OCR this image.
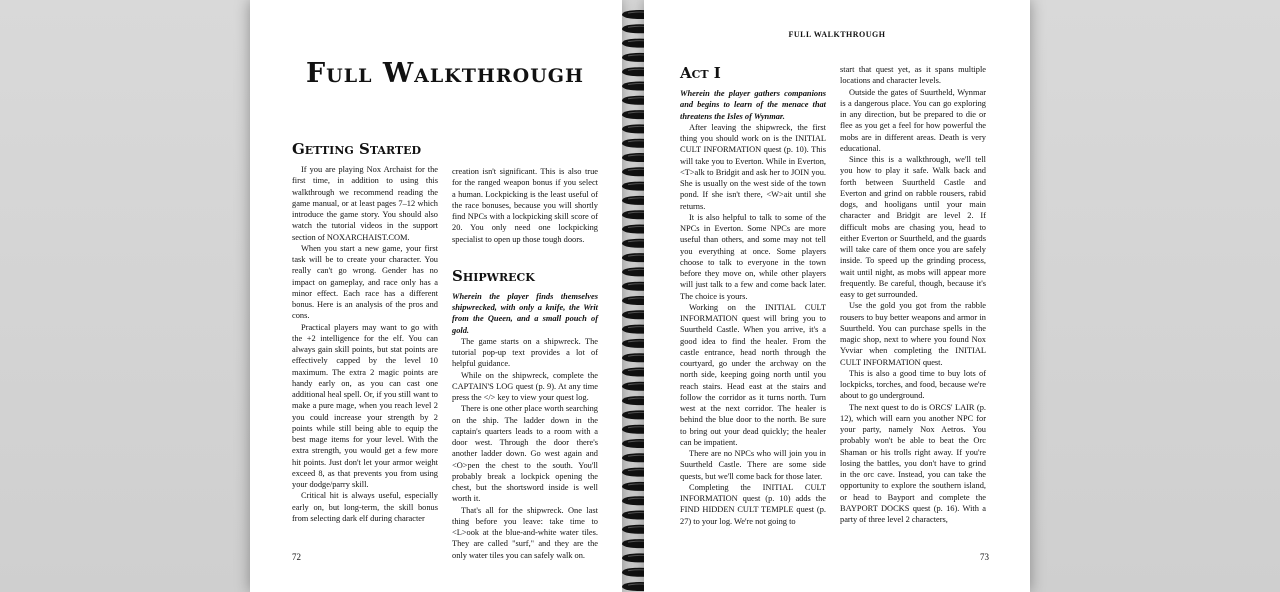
Full Walkthrough
Getting Started

If you are playing Nox Archaist for the first time, in addition to using this walkthrough we recommend reading the game manual, or at least pages 7–12 which introduce the game story. You should also watch the tutorial videos in the support section of NOXARCHAIST.COM.

When you start a new game, your first task will be to create your character. You really can't go wrong. Gender has no impact on gameplay, and race only has a minor effect. Each race has a different bonus. Here is an analysis of the pros and cons.

Practical players may want to go with the +2 intelligence for the elf. You can always gain skill points, but stat points are effectively capped by the level 10 maximum. The extra 2 magic points are handy early on, as you can cast one additional heal spell. Or, if you still want to make a pure mage, when you reach level 2 you could increase your strength by 2 points while still being able to equip the best mage items for your level. With the extra strength, you would get a few more hit points. Just don't let your armor weight exceed 8, as that prevents you from using your dodge/parry skill.

Critical hit is always useful, especially early on, but long-term, the skill bonus from selecting dark elf during character

creation isn't significant. This is also true for the ranged weapon bonus if you select a human. Lockpicking is the least useful of the race bonuses, because you will shortly find NPCs with a lockpicking skill score of 20. You only need one lockpicking specialist to open up those tough doors.

Shipwreck

Wherein the player finds themselves shipwrecked, with only a knife, the Writ from the Queen, and a small pouch of gold.

The game starts on a shipwreck. The tutorial pop-up text provides a lot of helpful guidance.

While on the shipwreck, complete the CAPTAIN'S LOG quest (p. 9). At any time press the </> key to view your quest log.

There is one other place worth searching on the ship. The ladder down in the captain's quarters leads to a room with a door west. Through the door there's another ladder down. Go west again and <O>pen the chest to the south. You'll probably break a lockpick opening the chest, but the shortsword inside is well worth it.

That's all for the shipwreck. One last thing before you leave: take time to <L>ook at the blue-and-white water tiles. They are called "surf," and they are the only water tiles you can safely walk on.

72
FULL WALKTHROUGH
Act I

Wherein the player gathers companions and begins to learn of the menace that threatens the Isles of Wynmar.

After leaving the shipwreck, the first thing you should work on is the INITIAL CULT INFORMATION quest (p. 10). This will take you to Everton. While in Everton, <T>alk to Bridgit and ask her to JOIN you. She is usually on the west side of the town pond. If she isn't there, <W>ait until she returns.

It is also helpful to talk to some of the NPCs in Everton. Some NPCs are more useful than others, and some may not tell you everything at once. Some players choose to talk to everyone in the town before they move on, while other players will just talk to a few and come back later. The choice is yours.

Working on the INITIAL CULT INFORMATION quest will bring you to Suurtheld Castle. When you arrive, it's a good idea to find the healer. From the castle entrance, head north through the courtyard, go under the archway on the north side, keeping going north until you reach stairs. Head east at the stairs and follow the corridor as it turns north. Turn west at the next corridor. The healer is behind the blue door to the north. Be sure to bring out your dead quickly; the healer can be impatient.

There are no NPCs who will join you in Suurtheld Castle. There are some side quests, but we'll come back for those later.

Completing the INITIAL CULT INFORMATION quest (p. 10) adds the FIND HIDDEN CULT TEMPLE quest (p. 27) to your log. We're not going to

start that quest yet, as it spans multiple locations and character levels.

Outside the gates of Suurtheld, Wynmar is a dangerous place. You can go exploring in any direction, but be prepared to die or flee as you get a feel for how powerful the mobs are in different areas. Death is very educational.

Since this is a walkthrough, we'll tell you how to play it safe. Walk back and forth between Suurtheld Castle and Everton and grind on rabble rousers, rabid dogs, and hooligans until your main character and Bridgit are level 2. If difficult mobs are chasing you, head to either Everton or Suurtheld, and the guards will take care of them once you are safely inside. To speed up the grinding process, wait until night, as mobs will appear more frequently. Be careful, though, because it's easy to get surrounded.

Use the gold you got from the rabble rousers to buy better weapons and armor in Suurtheld. You can purchase spells in the magic shop, next to where you found Nox Yvviar when completing the INITIAL CULT INFORMATION quest.

This is also a good time to buy lots of lockpicks, torches, and food, because we're about to go underground.

The next quest to do is ORCS' LAIR (p. 12), which will earn you another NPC for your party, namely Nox Aetros. You probably won't be able to beat the Orc Shaman or his trolls right away. If you're losing the battles, you don't have to grind in the orc cave. Instead, you can take the opportunity to explore the southern island, or head to Bayport and complete the BAYPORT DOCKS quest (p. 16). With a party of three level 2 characters,

73
